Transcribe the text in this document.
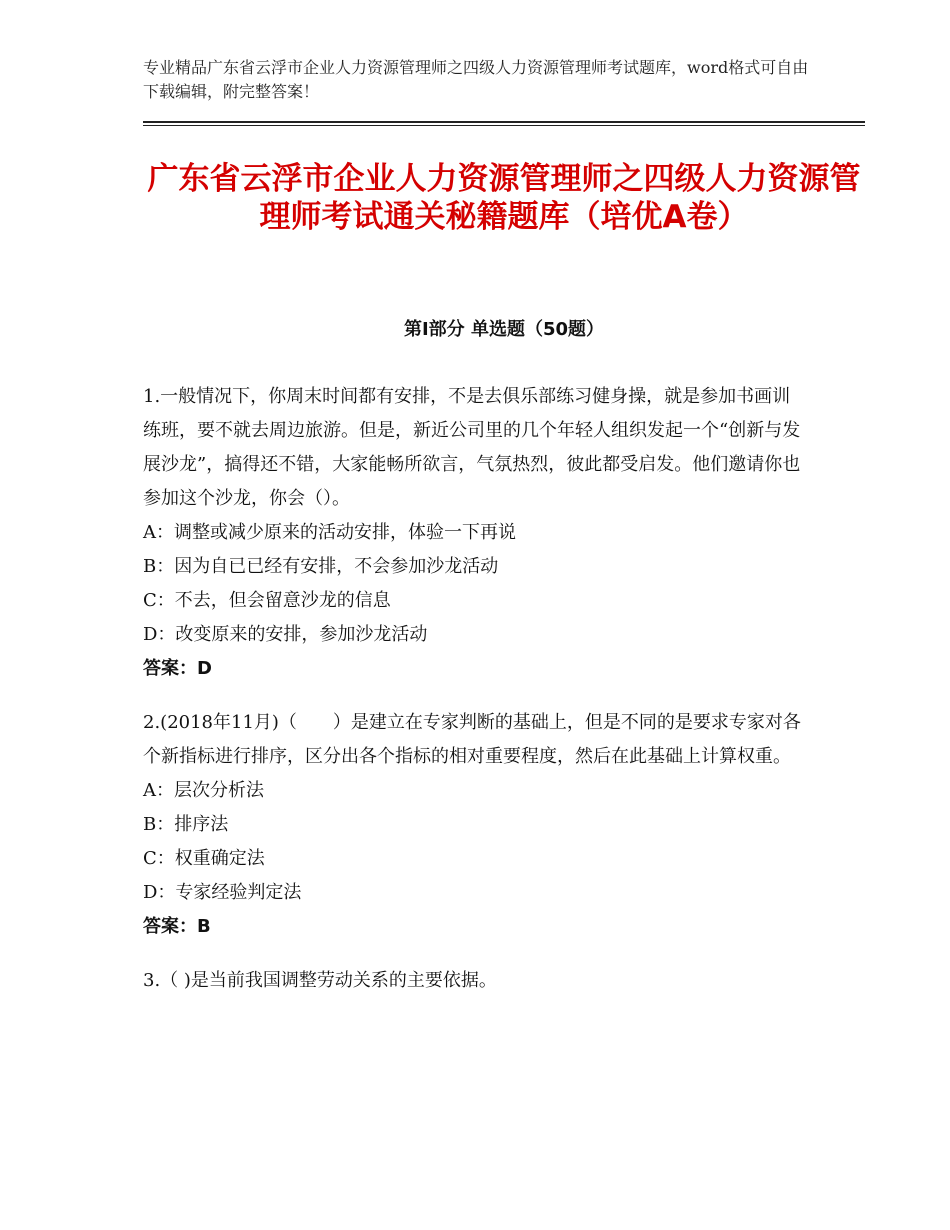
专业精品广东省云浮市企业人力资源管理师之四级人力资源管理师考试题库，word格式可自由下载编辑，附完整答案！
广东省云浮市企业人力资源管理师之四级人力资源管理师考试通关秘籍题库（培优A卷）
第Ⅰ部分 单选题（50题）

1.一般情况下，你周末时间都有安排，不是去俱乐部练习健身操，就是参加书画训练班，要不就去周边旅游。但是，新近公司里的几个年轻人组织发起一个“创新与发展沙龙”，搞得还不错，大家能畅所欲言，气氛热烈，彼此都受启发。他们邀请你也参加这个沙龙，你会（）。

A：调整或减少原来的活动安排，体验一下再说

B：因为自已已经有安排，不会参加沙龙活动

C：不去，但会留意沙龙的信息

D：改变原来的安排，参加沙龙活动

答案：D

2.(2018年11月)（　　）是建立在专家判断的基础上，但是不同的是要求专家对各个新指标进行排序，区分出各个指标的相对重要程度，然后在此基础上计算权重。

A：层次分析法

B：排序法

C：权重确定法

D：专家经验判定法

答案：B

3.（ )是当前我国调整劳动关系的主要依据。
